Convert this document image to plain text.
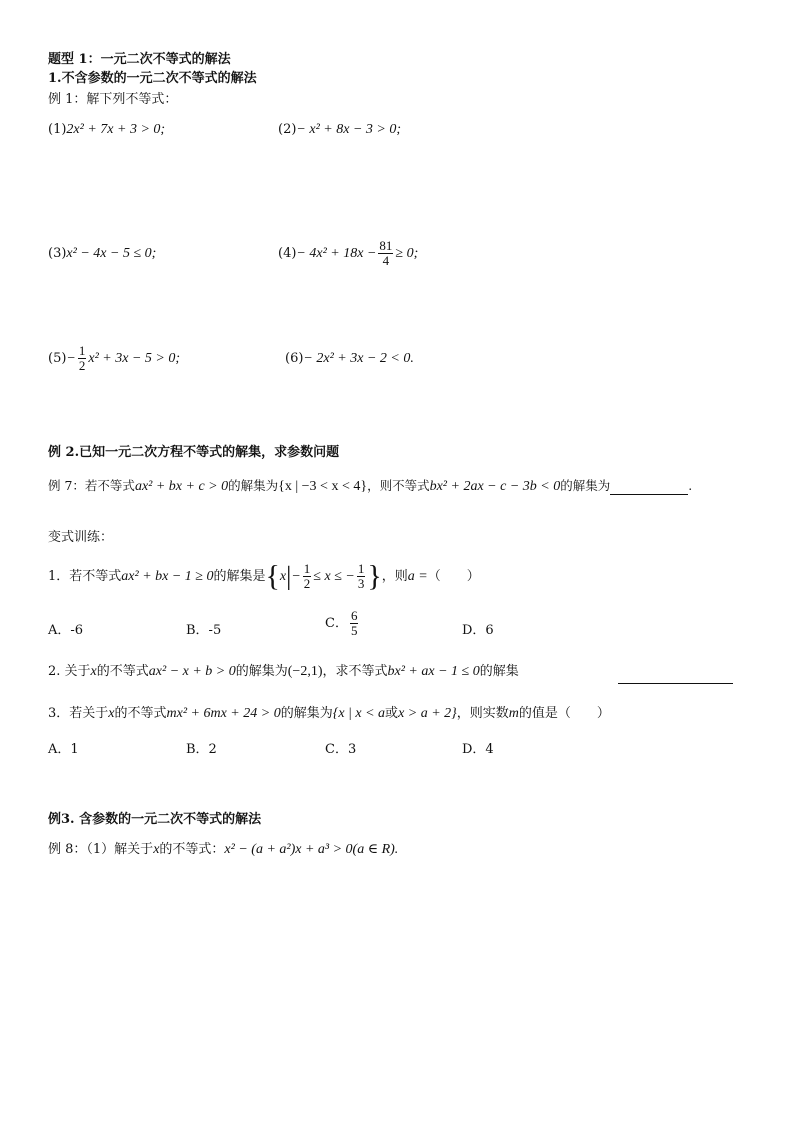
题型 1：一元二次不等式的解法
1.不含参数的一元二次不等式的解法
例 1：解下列不等式：
(1)2x² + 7x + 3 > 0;	(2)− x² + 8x − 3 > 0;
(3)x² − 4x − 5 ≤ 0;	$(4)- 4x^2 + 18x - \frac{81}{4} \ge 0$;
$(5)- \frac{1}{2} x^2 + 3x - 5 > 0$;	(6)− 2x² + 3x − 2 < 0.
例 2.已知一元二次方程不等式的解集，求参数问题
例 7：若不等式ax² + bx + c > 0的解集为{x | −3 < x < 4}，则不等式bx² + 2ax − c − 3b < 0的解集为	.
变式训练：
1．若不等式ax² + bx − 1 ≥ 0的解集是{$x|- \frac{1}{2} \le x$ ≤ − $\frac{1}{3}$ }，则a =（　　）
A．-6	B．-5	C． $\frac{6}{5}$	D．6
2. 关于x的不等式ax² − x + b > 0的解集为(−2,1)，求不等式bx² + ax − 1 ≤ 0的解集
3．若关于x的不等式mx² + 6mx + 24 > 0的解集为{x | x < a或x > a + 2}，则实数m的值是（　　）
A．1	B．2	C．3	D．4
例3. 含参数的一元二次不等式的解法
例 8：（1）解关于x的不等式：x² − (a + a²)x + a³ > 0(a ∈ R).
